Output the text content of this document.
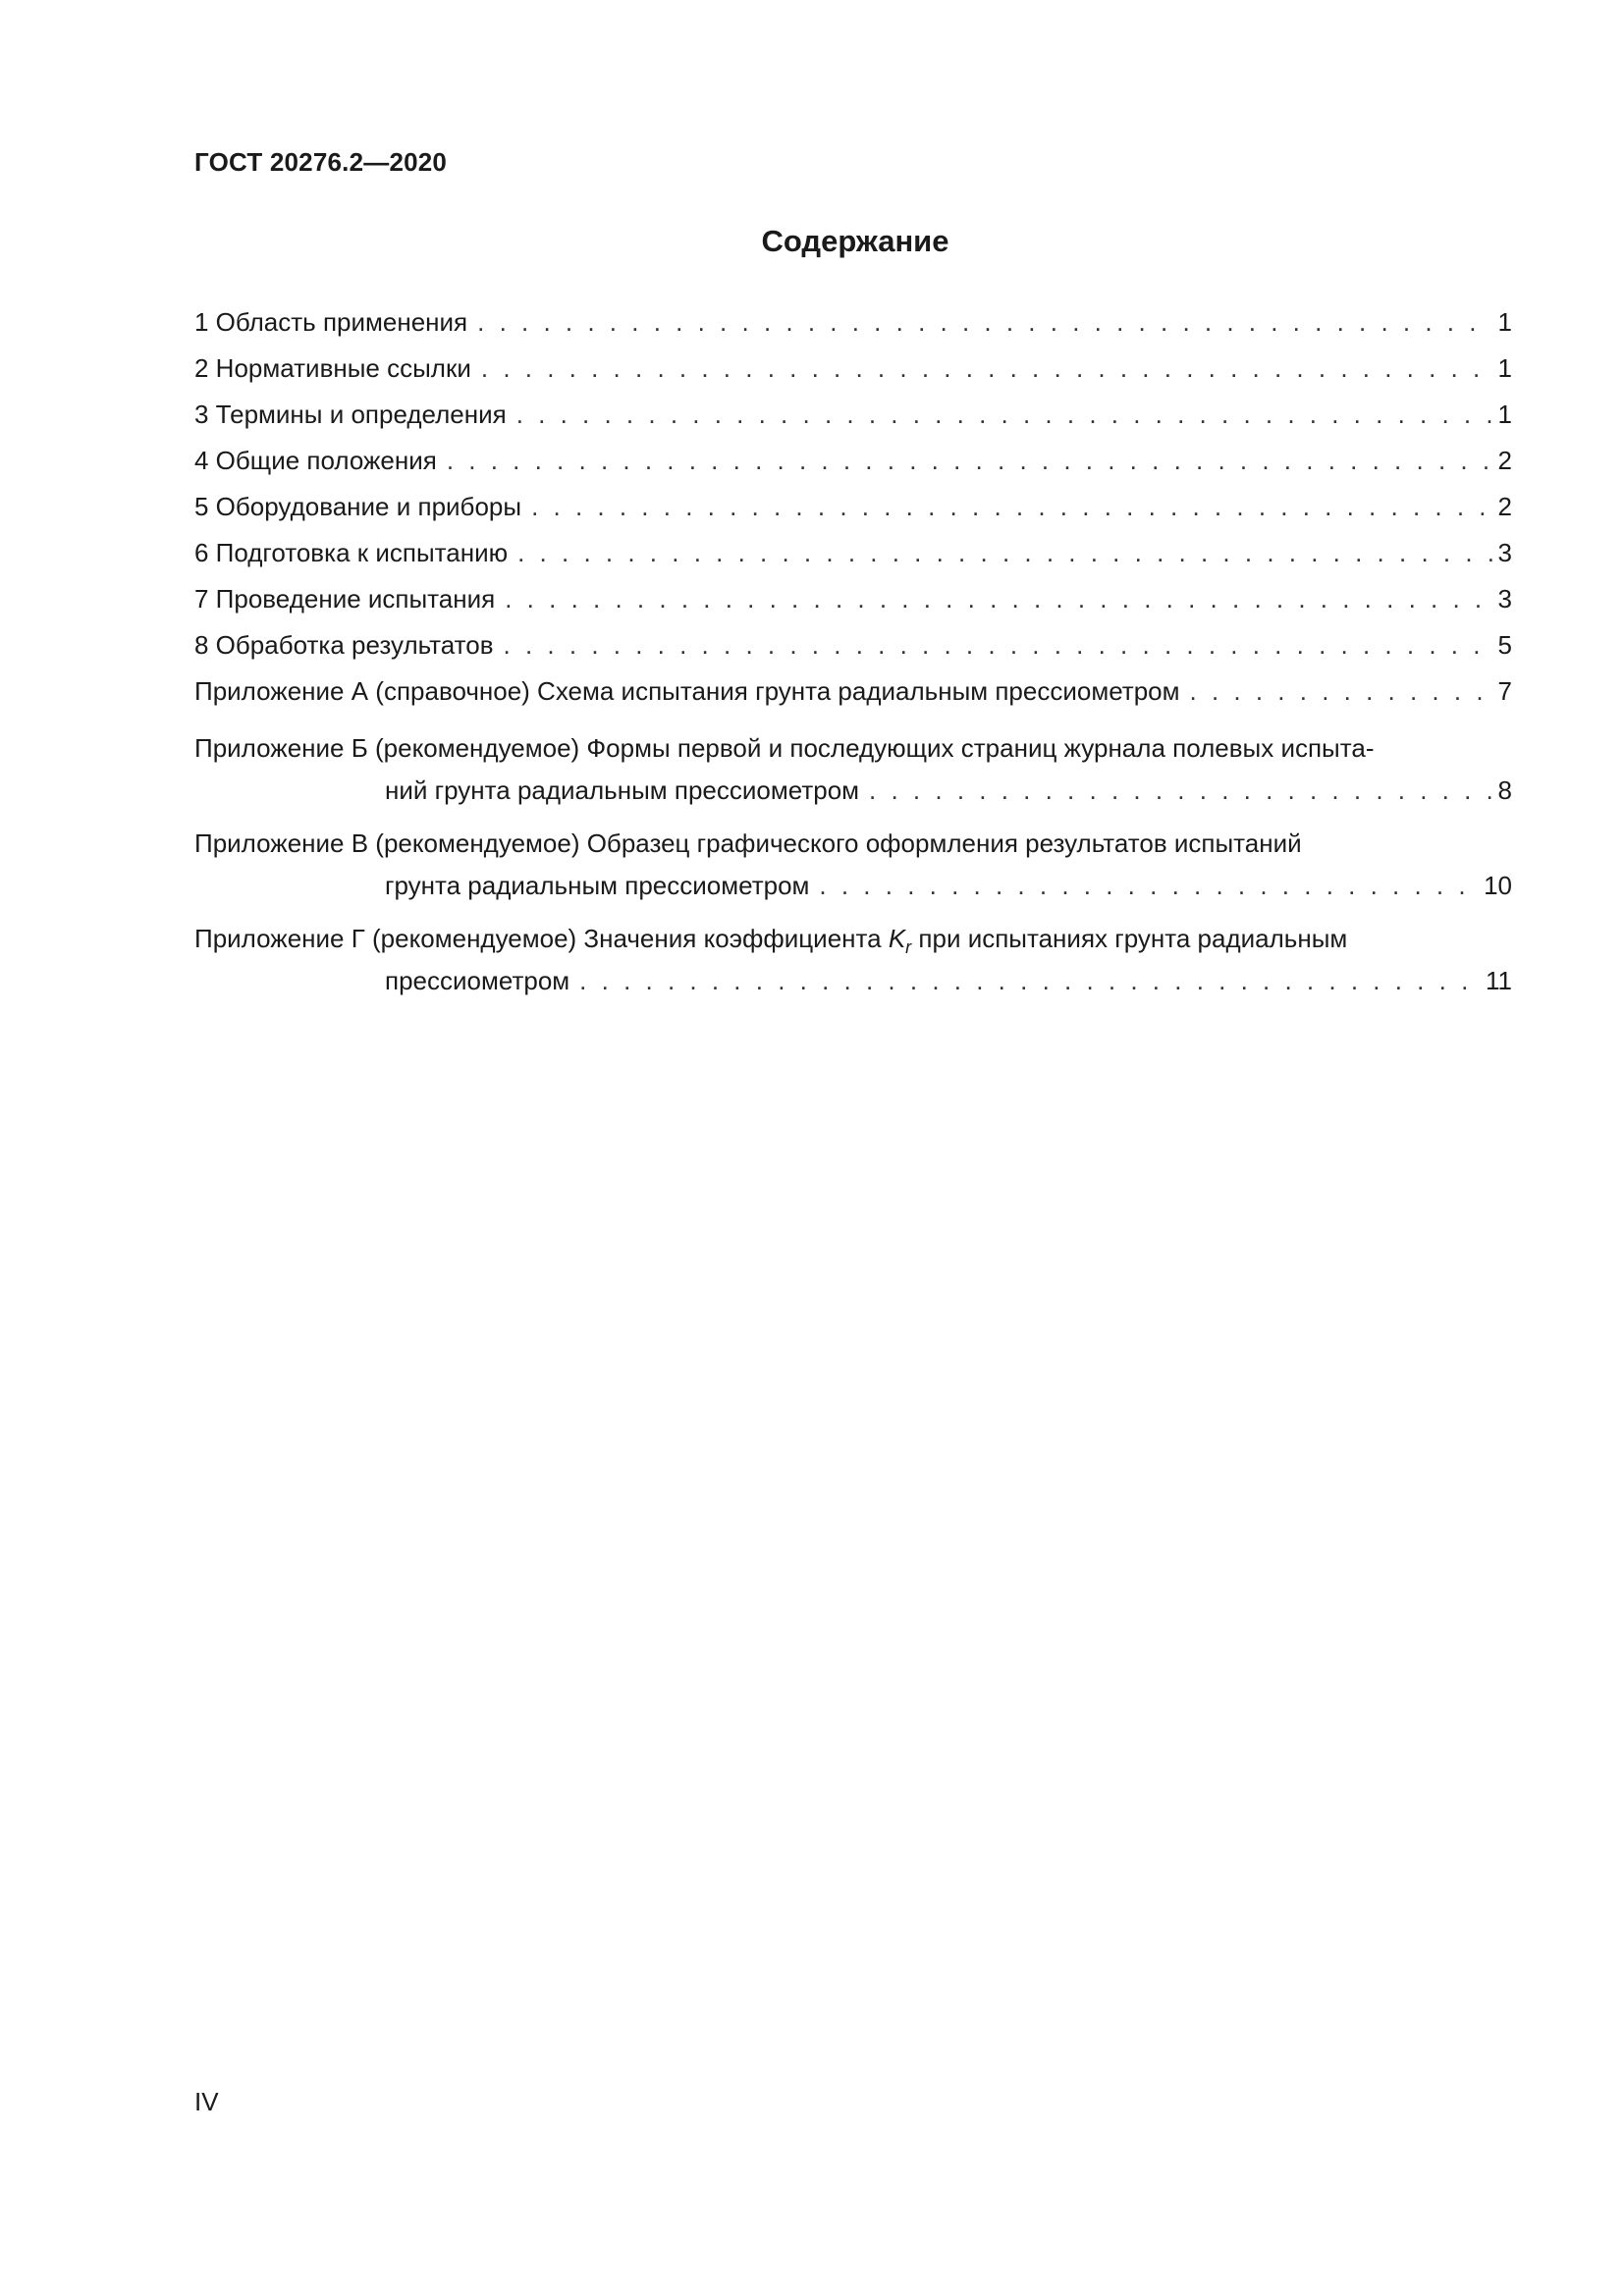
ГОСТ 20276.2—2020
Содержание
1 Область применения . . .	1
2 Нормативные ссылки . . .	1
3 Термины и определения . . .	1
4 Общие положения . . .	2
5 Оборудование и приборы . . .	2
6 Подготовка к испытанию . . .	3
7 Проведение испытания . . .	3
8 Обработка результатов . . .	5
Приложение А (справочное) Схема испытания грунта радиальным прессиометром . . .	7
Приложение Б (рекомендуемое) Формы первой и последующих страниц журнала полевых испыта-
ний грунта радиальным прессиометром . . .	8
Приложение В (рекомендуемое) Образец графического оформления результатов испытаний
грунта радиальным прессиометром . . .	10
Приложение Г (рекомендуемое) Значения коэффициента $K_r$ при испытаниях грунта радиальным
прессиометром . . .	11
IV
